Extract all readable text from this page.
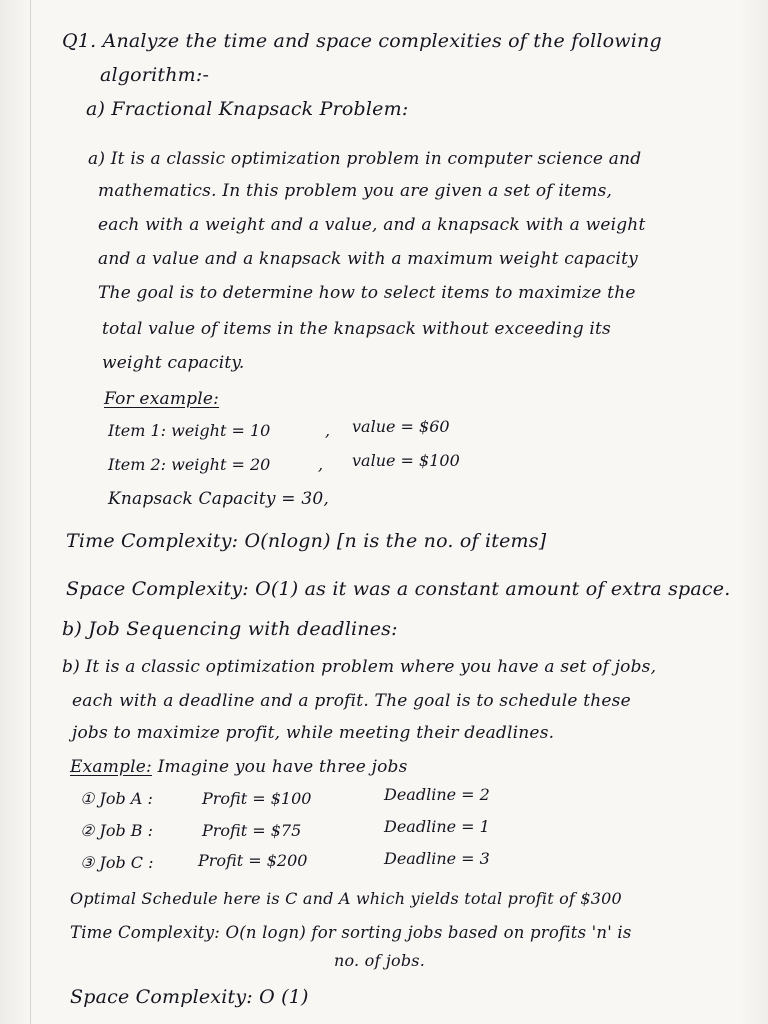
Q1. Analyze the time and space complexities of the following
algorithm:-
a) Fractional Knapsack Problem:
a) It is a classic optimization problem in computer science and
mathematics. In this problem you are given a set of items,
each with a weight and a value, and a knapsack with a weight
and a value and a knapsack with a maximum weight capacity
The goal is to determine how to select items to maximize the
total value of items in the knapsack without exceeding its
weight capacity.
For example:
Item 1: weight = 10	, value = $60
Item 2: weight = 20	, value = $100
Knapsack Capacity = 30,
Time Complexity: O(nlogn) [n is the no. of items]
Space Complexity: O(1) as it was a constant amount of extra space.
b) Job Sequencing with deadlines:
b) It is a classic optimization problem where you have a set of jobs,
each with a deadline and a profit. The goal is to schedule these
jobs to maximize profit, while meeting their deadlines.
Example: Imagine you have three jobs
① Job A :	Profit = $100	Deadline = 2
② Job B :	Profit = $75	Deadline = 1
③ Job C :	Profit = $200	Deadline = 3
Optimal Schedule here is C and A which yields total profit of $300
Time Complexity: O(n logn) for sorting jobs based on profits 'n' is
no. of jobs.
Space Complexity: O (1)
